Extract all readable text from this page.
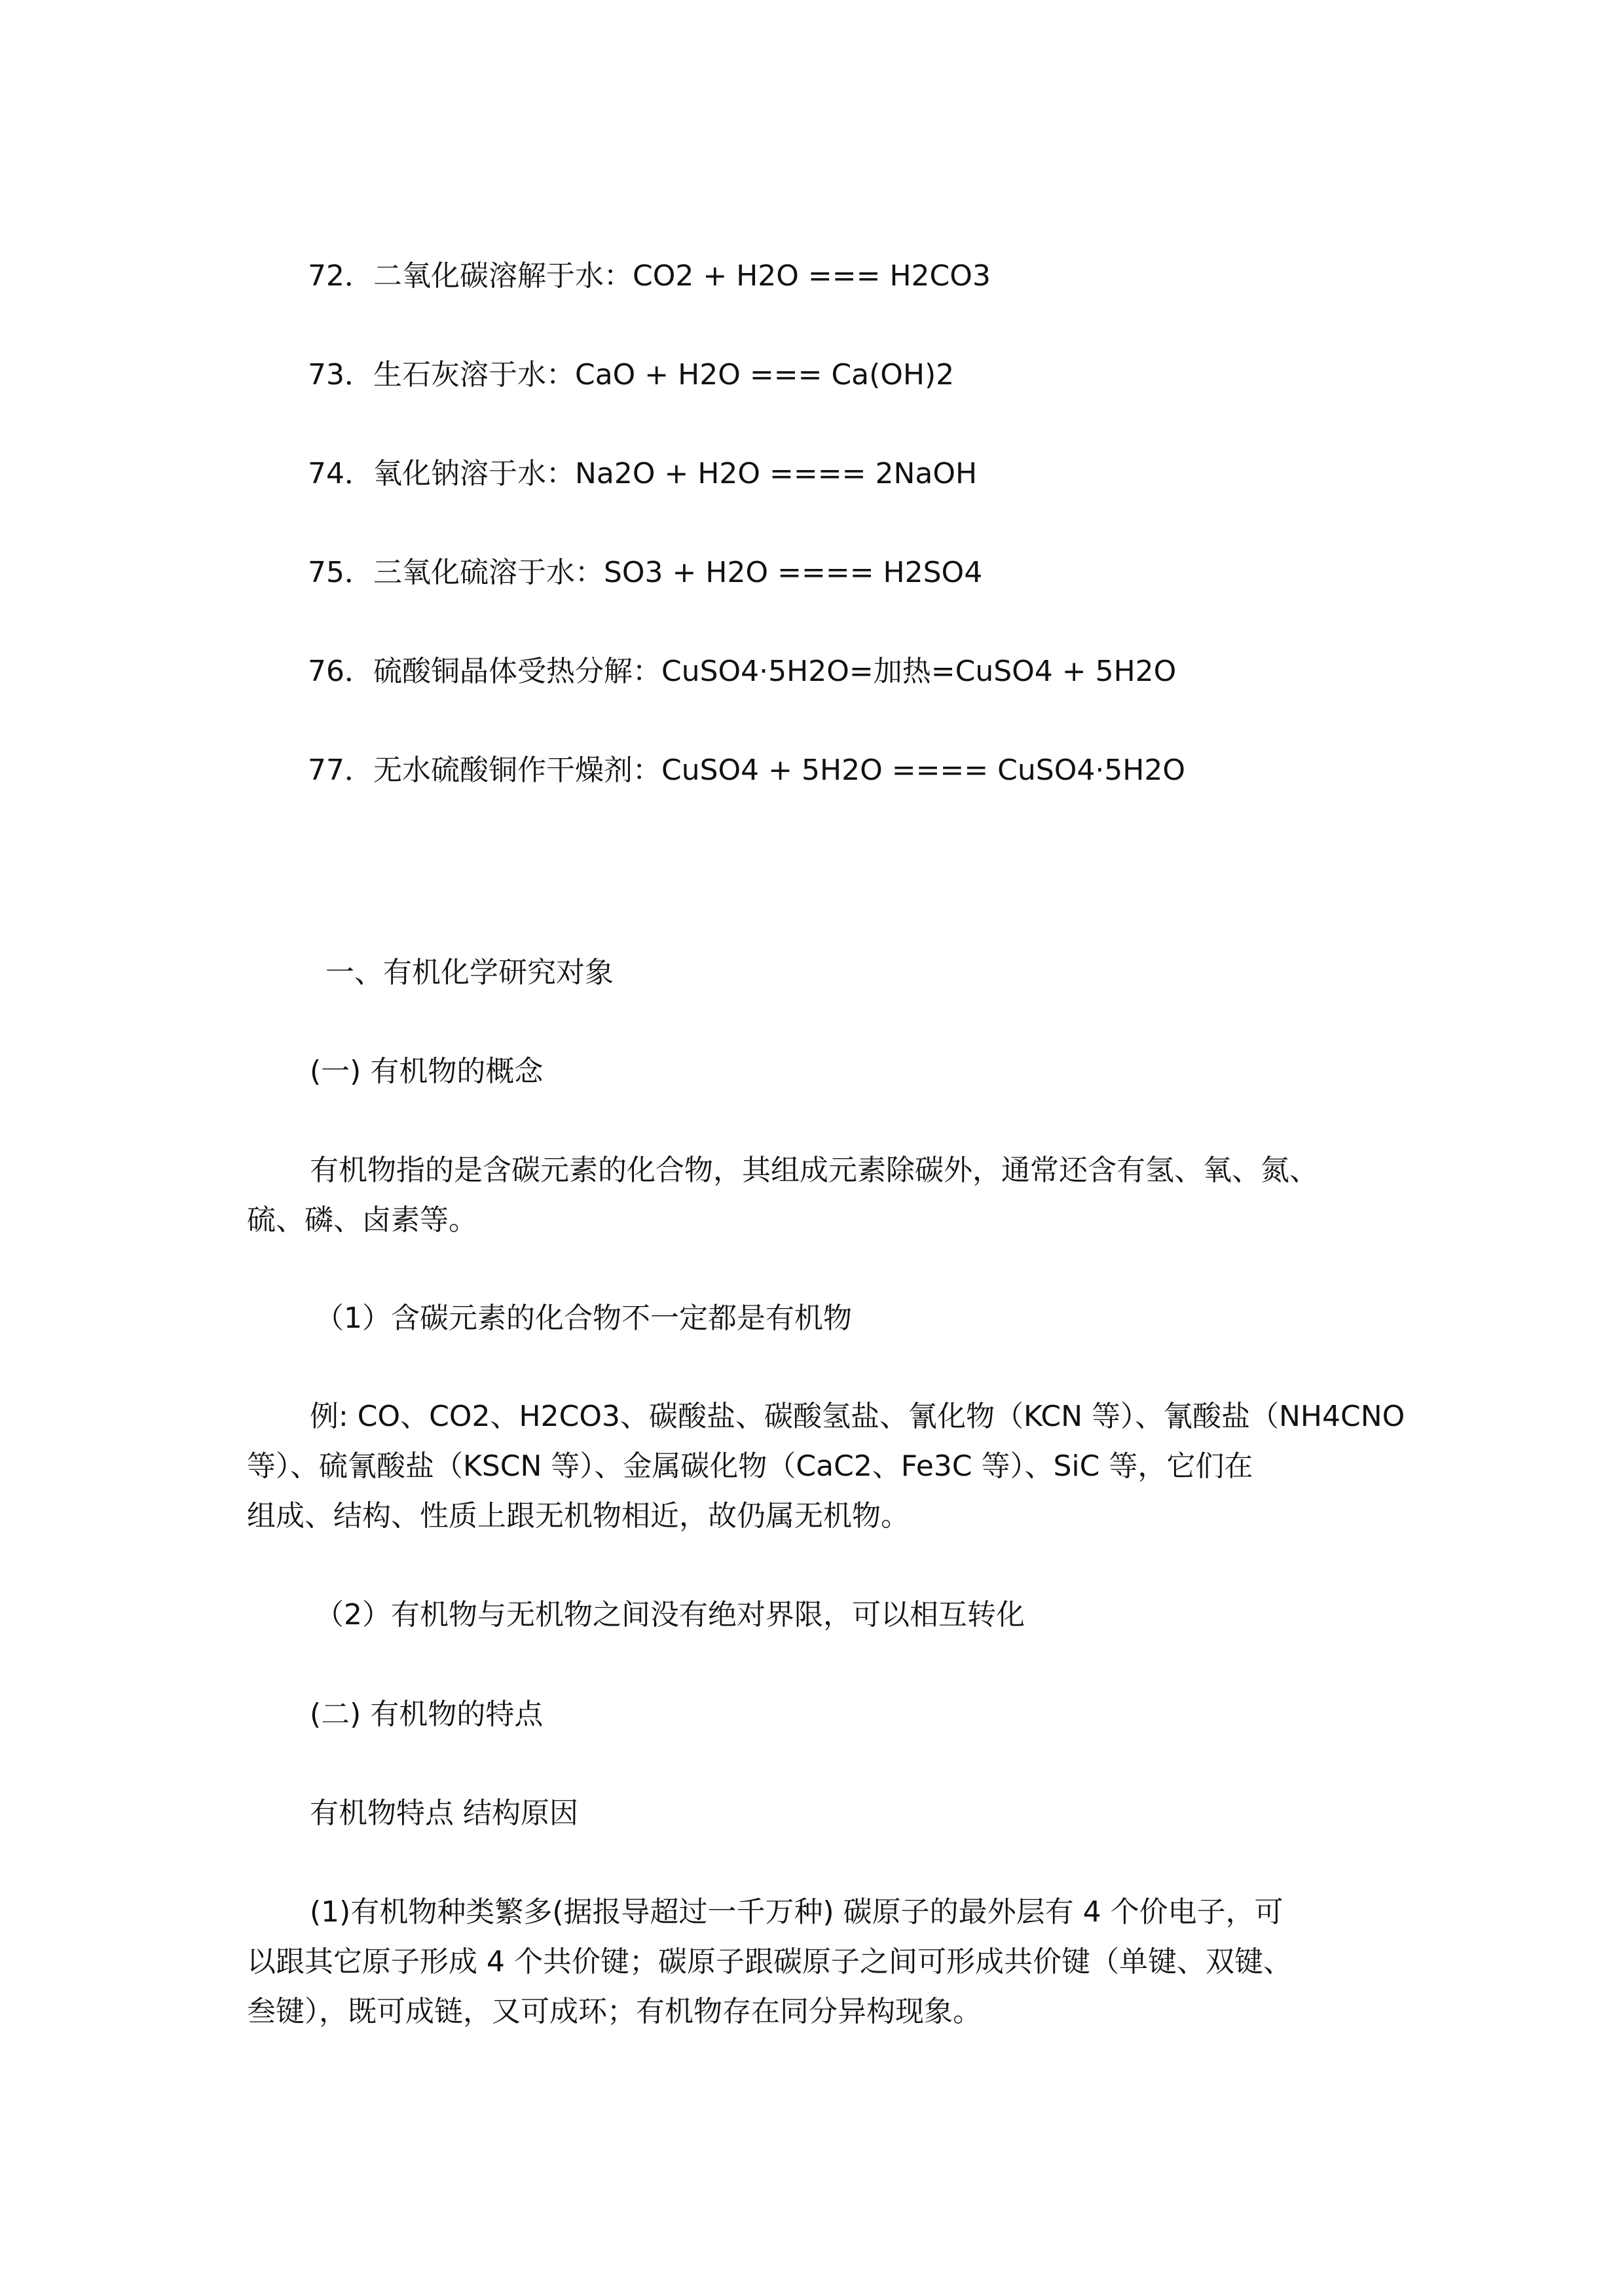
72．二氧化碳溶解于水：CO2 + H2O === H2CO3
73．生石灰溶于水：CaO + H2O === Ca(OH)2
74．氧化钠溶于水：Na2O + H2O ==== 2NaOH
75．三氧化硫溶于水：SO3 + H2O ==== H2SO4
76．硫酸铜晶体受热分解：CuSO4·5H2O=加热=CuSO4 + 5H2O
77．无水硫酸铜作干燥剂：CuSO4 + 5H2O ==== CuSO4·5H2O
一、有机化学研究对象
(一) 有机物的概念
有机物指的是含碳元素的化合物，其组成元素除碳外，通常还含有氢、氧、氮、
硫、磷、卤素等。
（1）含碳元素的化合物不一定都是有机物
例: CO、CO2、H2CO3、碳酸盐、碳酸氢盐、氰化物（KCN 等）、氰酸盐（NH4CNO
等）、硫氰酸盐（KSCN 等）、金属碳化物（CaC2、Fe3C 等）、SiC 等，它们在
组成、结构、性质上跟无机物相近，故仍属无机物。
（2）有机物与无机物之间没有绝对界限，可以相互转化
(二) 有机物的特点
有机物特点 结构原因
(1)有机物种类繁多(据报导超过一千万种) 碳原子的最外层有 4 个价电子，可
以跟其它原子形成 4 个共价键；碳原子跟碳原子之间可形成共价键（单键、双键、
叁键），既可成链，又可成环；有机物存在同分异构现象。
